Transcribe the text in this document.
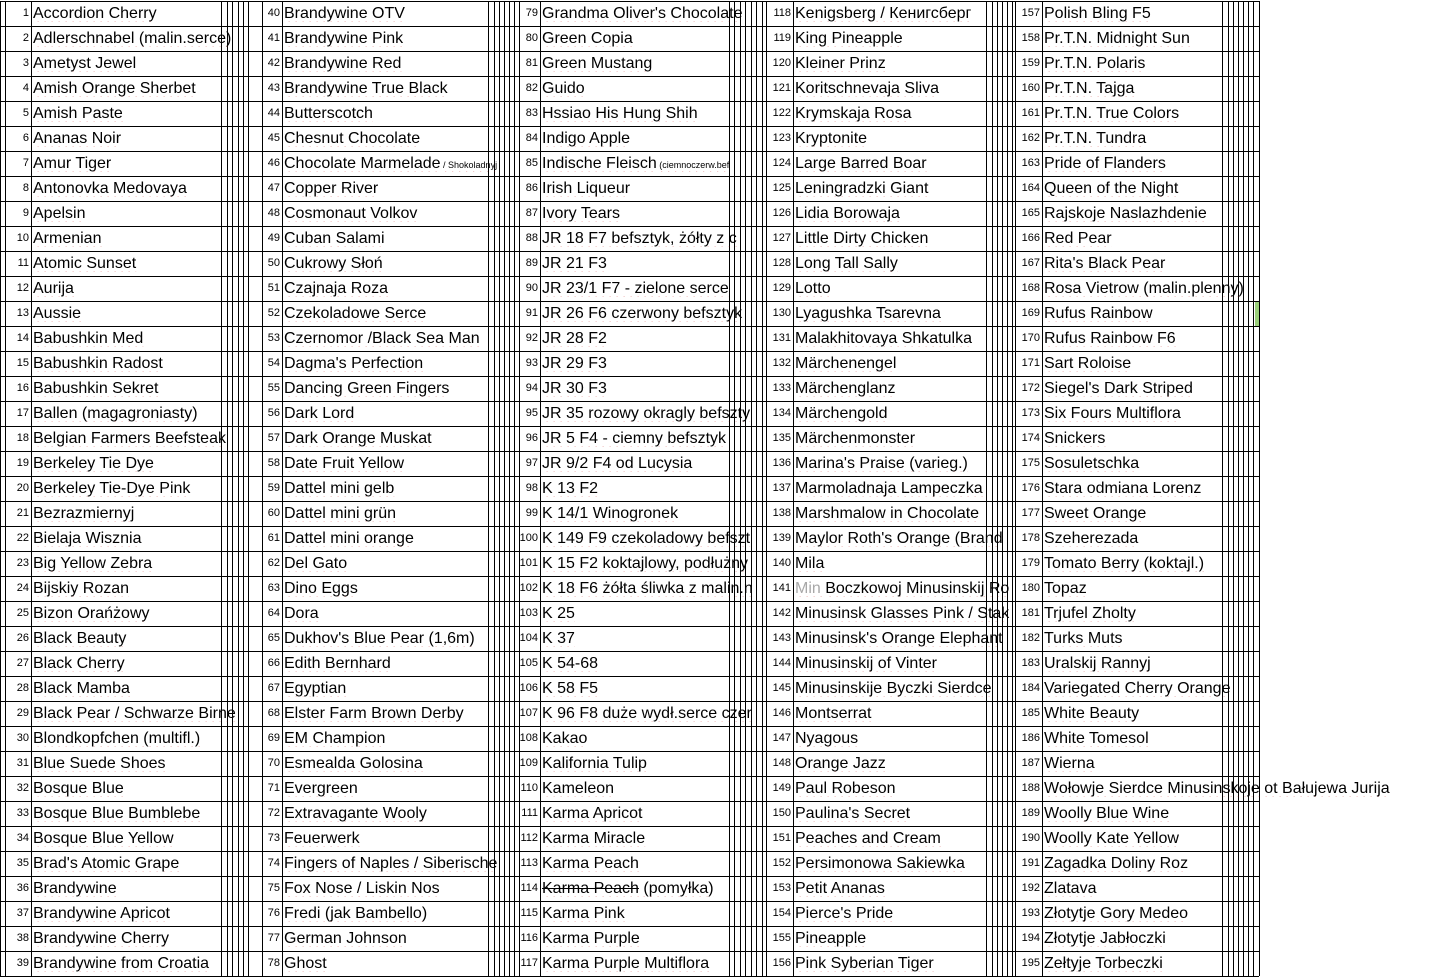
1 Accordion Cherry
2 Adlerschnabel (malin.serce)
3 Ametyst Jewel
4 Amish Orange Sherbet
5 Amish Paste
6 Ananas Noir
7 Amur Tiger
8 Antonovka Medovaya
9 Apelsin
10 Armenian
11 Atomic Sunset
12 Aurija
13 Aussie
14 Babushkin Med
15 Babushkin Radost
16 Babushkin Sekret
17 Ballen (magagroniasty)
18 Belgian Farmers Beefsteak
19 Berkeley Tie Dye
20 Berkeley Tie-Dye Pink
21 Bezrazmiernyj
22 Bielaja Wisznia
23 Big Yellow Zebra
24 Bijskiy Rozan
25 Bizon Orańżowy
26 Black Beauty
27 Black Cherry
28 Black Mamba
29 Black Pear / Schwarze Birne
30 Blondkopfchen (multifl.)
31 Blue Suede Shoes
32 Bosque Blue
33 Bosque Blue Bumblebe
34 Bosque Blue Yellow
35 Brad's Atomic Grape
36 Brandywine
37 Brandywine Apricot
38 Brandywine Cherry
39 Brandywine from Croatia
40 Brandywine OTV
41 Brandywine Pink
42 Brandywine Red
43 Brandywine True Black
44 Butterscotch
45 Chesnut Chocolate
46 Chocolate Marmelade / Shokoladnyj
47 Copper River
48 Cosmonaut Volkov
49 Cuban Salami
50 Cukrowy Słoń
51 Czajnaja Roza
52 Czekoladowe Serce
53 Czernomor /Black Sea Man
54 Dagma's Perfection
55 Dancing Green Fingers
56 Dark Lord
57 Dark Orange Muskat
58 Date Fruit Yellow
59 Dattel mini gelb
60 Dattel mini grün
61 Dattel mini orange
62 Del Gato
63 Dino Eggs
64 Dora
65 Dukhov's Blue Pear (1,6m)
66 Edith Bernhard
67 Egyptian
68 Elster Farm Brown Derby
69 EM Champion
70 Esmealda Golosina
71 Evergreen
72 Extravagante Wooly
73 Feuerwerk
74 Fingers of Naples / Siberische
75 Fox Nose / Liskin Nos
76 Fredi (jak Bambello)
77 German Johnson
78 Ghost
79 Grandma Oliver's Chocolate
80 Green Copia
81 Green Mustang
82 Guido
83 Hssiao His Hung Shih
84 Indigo Apple
85 Indische Fleisch (ciemnoczerw.bef
86 Irish Liqueur
87 Ivory Tears
88 JR 18 F7 befsztyk, żółty z c
89 JR 21 F3
90 JR 23/1 F7 - zielone serce
91 JR 26 F6 czerwony befsztyk
92 JR 28 F2
93 JR 29 F3
94 JR 30 F3
95 JR 35 rozowy okragly befszty
96 JR 5 F4 - ciemny befsztyk
97 JR 9/2 F4 od Lucysia
98 K 13 F2
99 K 14/1 Winogronek
100 K 149 F9 czekoladowy befszt
101 K 15 F2 koktajlowy, podłużny
102 K 18 F6 żółta śliwka z malin.n
103 K 25
104 K 37
105 K 54-68
106 K 58 F5
107 K 96 F8 duże wydł.serce czer
108 Kakao
109 Kalifornia Tulip
110 Kameleon
111 Karma Apricot
112 Karma Miracle
113 Karma Peach
114 Karma Peach (pomyłka)
115 Karma Pink
116 Karma Purple
117 Karma Purple Multiflora
118 Kenigsberg / Кенигсберг
119 King Pineapple
120 Kleiner Prinz
121 Koritschnevaja Sliva
122 Krymskaja Rosa
123 Kryptonite
124 Large Barred Boar
125 Leningradzki Giant
126 Lidia Borowaja
127 Little Dirty Chicken
128 Long Tall Sally
129 Lotto
130 Lyagushka Tsarevna
131 Malakhitovaya Shkatulka
132 Märchenengel
133 Märchenglanz
134 Märchengold
135 Märchenmonster
136 Marina's Praise (varieg.)
137 Marmoladnaja Lampeczka
138 Marshmalow in Chocolate
139 Maylor Roth's Orange (Brand
140 Mila
141 Min Boczkowoj Minusinskij Ro
142 Minusinsk Glasses Pink / Stak
143 Minusinsk's Orange Elephant
144 Minusinskij of Vinter
145 Minusinskije Byczki Sierdce
146 Montserrat
147 Nyagous
148 Orange Jazz
149 Paul Robeson
150 Paulina's Secret
151 Peaches and Cream
152 Persimonowa Sakiewka
153 Petit Ananas
154 Pierce's Pride
155 Pineapple
156 Pink Syberian Tiger
157 Polish Bling F5
158 Pr.T.N. Midnight Sun
159 Pr.T.N. Polaris
160 Pr.T.N. Tajga
161 Pr.T.N. True Colors
162 Pr.T.N. Tundra
163 Pride of Flanders
164 Queen of the Night
165 Rajskoje Naslazhdenie
166 Red Pear
167 Rita's Black Pear
168 Rosa Vietrow (malin.plenny)
169 Rufus Rainbow
170 Rufus Rainbow F6
171 Sart Roloise
172 Siegel's Dark Striped
173 Six Fours Multiflora
174 Snickers
175 Sosuletschka
176 Stara odmiana Lorenz
177 Sweet Orange
178 Szeherezada
179 Tomato Berry (koktajl.)
180 Topaz
181 Trjufel Zholty
182 Turks Muts
183 Uralskij Rannyj
184 Variegated Cherry Orange
185 White Beauty
186 White Tomesol
187 Wierna
188 Wołowje Sierdce Minusinskoje ot Bałujewa Jurija
189 Woolly Blue Wine
190 Woolly Kate Yellow
191 Zagadka Doliny Roz
192 Zlatava
193 Złotytje Gory Medeo
194 Złotytje Jabłoczki
195 Żełtyje Torbeczki
